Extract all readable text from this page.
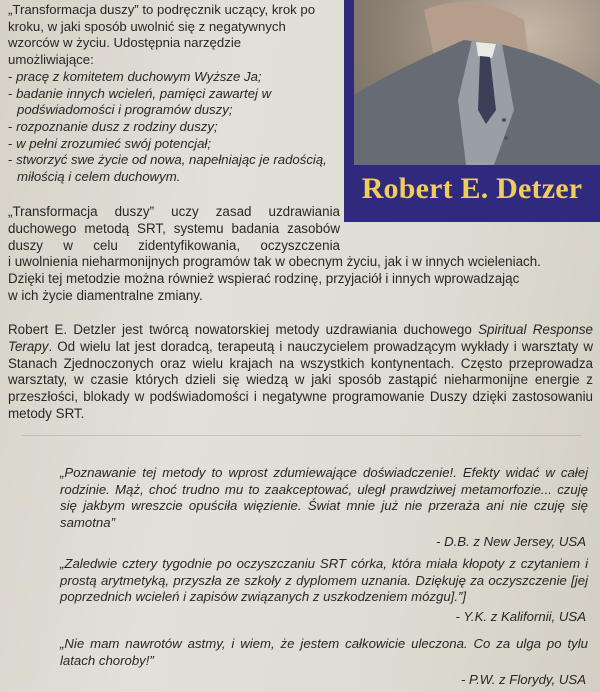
Robert E. Detzer

„Transformacja duszy” to podręcznik uczący, krok po

kroku, w jaki sposób uwolnić się z negatywnych

wzorców w życiu. Udostępnia narzędzie

umożliwiające:

- pracę z komitetem duchowym Wyższe Ja;
- badanie innych wcieleń, pamięci zawartej w podświadomości i programów duszy;
- rozpoznanie dusz z rodziny duszy;
- w pełni zrozumieć swój potencjał;
- stworzyć swe życie od nowa, napełniając je radością, miłością i celem duchowym.
„Transformacja duszy” uczy zasad uzdrawiania
duchowego metodą SRT, systemu badania zasobów
duszy w celu zidentyfikowania, oczyszczenia

i uwolnienia nieharmonijnych programów tak w obecnym życiu, jak i w innych wcieleniach.

Dzięki tej metodzie można również wspierać rodzinę, przyjaciół i innych wprowadzając

w ich życie diamentralne zmiany.

Robert E. Detzler jest twórcą nowatorskiej metody uzdrawiania duchowego Spiritual Response Terapy. Od wielu lat jest doradcą, terapeutą i nauczycielem prowadzącym wykłady i warsztaty w Stanach Zjednoczonych oraz wielu krajach na wszystkich kontynentach. Często przeprowadza warsztaty, w czasie których dzieli się wiedzą w jaki sposób zastąpić nieharmonijne energie z przeszłości, blokady w podświadomości i negatywne programowanie Duszy dzięki zastosowaniu metody SRT.

„Poznawanie tej metody to wprost zdumiewające doświadczenie!. Efekty widać w całej rodzinie. Mąż, choć trudno mu to zaakceptować, uległ prawdziwej metamorfozie... czuję się jakbym wreszcie opuściła więzienie. Świat mnie już nie przeraża ani nie czuję się samotna”

- D.B. z New Jersey, USA

„Zaledwie cztery tygodnie po oczyszczaniu SRT córka, która miała kłopoty z czytaniem i prostą arytmetyką, przyszła ze szkoły z dyplomem uznania. Dziękuję za oczyszczenie [jej poprzednich wcieleń i zapisów związanych z uszkodzeniem mózgu].”]

- Y.K. z Kalifornii, USA

„Nie mam nawrotów astmy, i wiem, że jestem całkowicie uleczona. Co za ulga po tylu latach choroby!”

- P.W. z Florydy, USA
